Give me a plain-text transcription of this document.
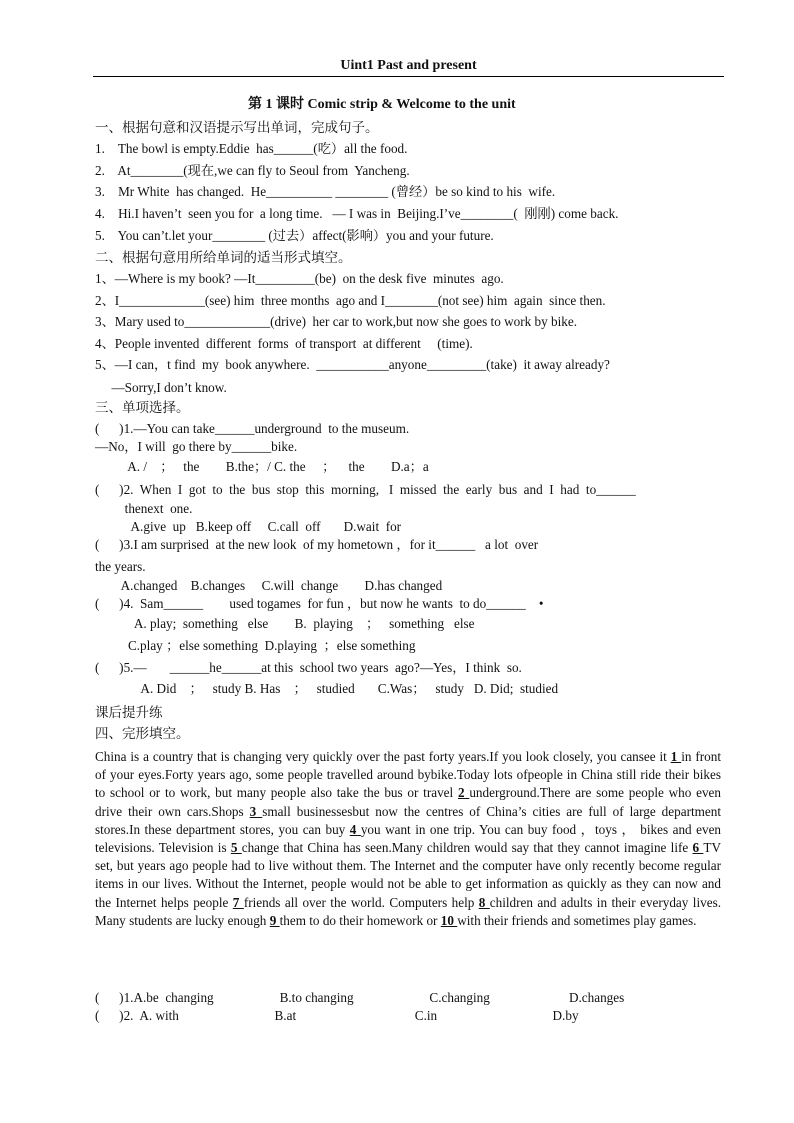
Uint1 Past and present
第 1 课时 Comic strip & Welcome to the unit
一、根据句意和汉语提示写出单词，完成句子。
1.    The bowl is empty.Eddie  has______(吃）all the food.
2.    At________(现在,we can fly to Seoul from  Yancheng.
3.    Mr White  has changed.  He__________ ________ (曾经）be so kind to his  wife.
4.    Hi.I haven’t  seen you for  a long time.   — I was in  Beijing.I’ve________(  刚刚) come back.
5.    You can’t.let your________ (过去）affect(影响）you and your future.
二、根据句意用所给单词的适当形式填空。
1、—Where is my book? —It_________(be)  on the desk five  minutes  ago.
2、I_____________(see) him  three months  ago and I________(not see) him  again  since then.
3、Mary used to_____________(drive)  her car to work,but now she goes to work by bike.
4、People invented  different  forms  of transport  at different     (time).
5、—I can，t find  my  book anywhere.  ___________anyone_________(take)  it away already?
—Sorry,I don’t know.
三、单项选择。
(      )1.—You can take______underground  to the museum.
—No，I will  go there by______bike.
A. /    ；   the        B.the；/ C. the     ；    the        D.a；a
(      )2.  When  I  got  to  the  bus  stop  this  morning,   I  missed  the  early  bus  and  I  had  to______
thenext  one.
A.give  up   B.keep off     C.call  off       D.wait  for
(      )3.I am surprised  at the new look  of my hometown ，for it______   a lot  over
the years.
A.changed    B.changes     C.will  change        D.has changed
(      )4.  Sam______        used togames  for fun ，but now he wants  to do______    •
A. play;  something   else        B.  playing    ；   something   else
C.play ；else something  D.playing  ；else something
(      )5.—       ______he______at this  school two years  ago?—Yes，I think  so.
A. Did    ；   study B. Has    ；   studied       C.Was；   study   D. Did;  studied
课后提升练
四、完形填空。

China is a country that is changing very quickly over the past forty years.If you look closely, you cansee it 1 in front of your eyes.Forty years ago, some people travelled around bybike.Today lots ofpeople in China still ride their bikes to school or to work, but many people also take the bus or travel 2 underground.There are some people who even drive their own cars.Shops 3 small businessesbut now the centres of China’s cities are full of large department stores.In these department stores, you can buy 4 you want in one trip. You can buy food ，toys ， bikes and even televisions. Television is 5 change that China has seen.Many children would say that they cannot imagine life 6 TV set, but years ago people had to live without them. The Internet and the computer have only recently become regular items in our lives. Without the Internet, people would not be able to get information as quickly as they can now and the Internet helps people 7 friends all over the world. Computers help 8 children and adults in their everyday lives. Many students are lucky enough 9 them to do their homework or 10 with their friends and sometimes play games.

(      )1.A.be  changing                    B.to changing                       C.changing                        D.changes
(      )2.  A. with                             B.at                                    C.in                                   D.by
